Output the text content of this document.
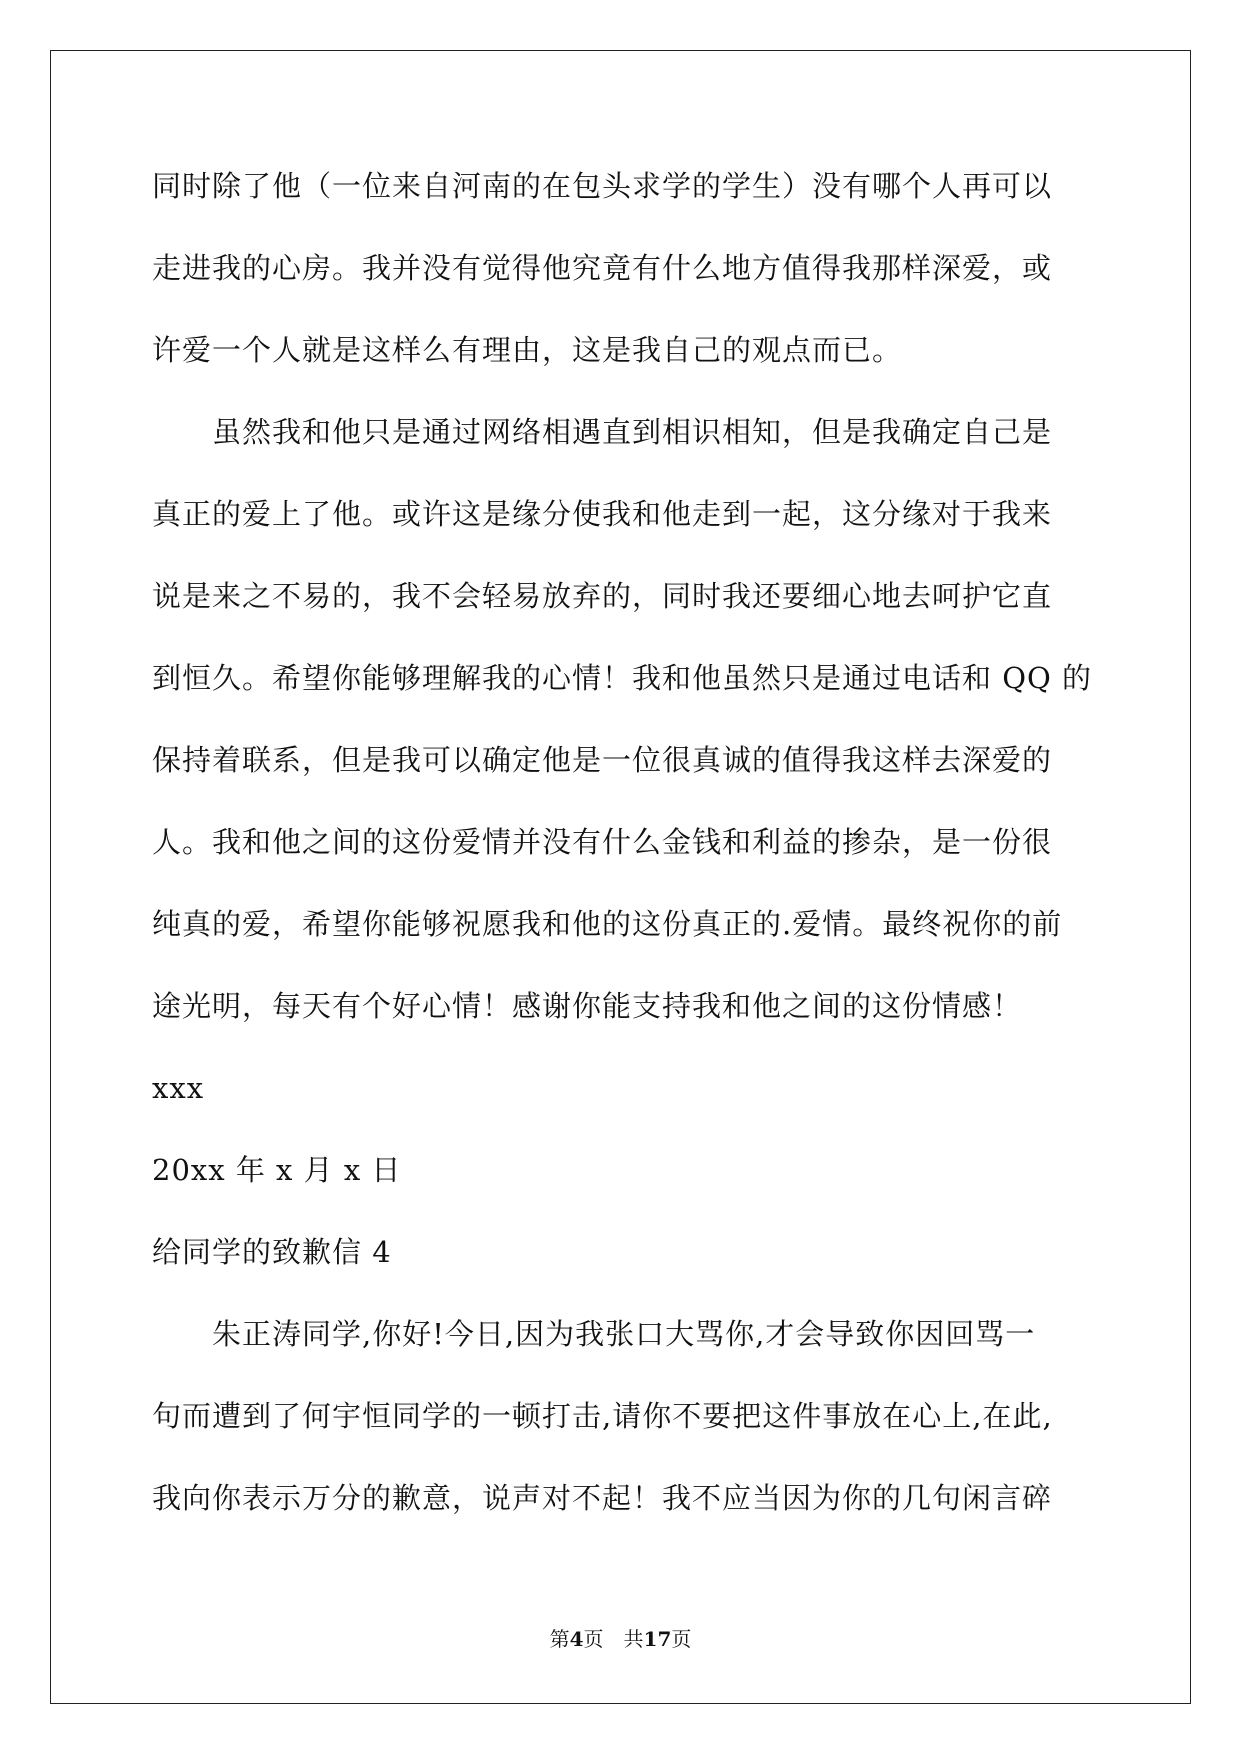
同时除了他（一位来自河南的在包头求学的学生）没有哪个人再可以
走进我的心房。我并没有觉得他究竟有什么地方值得我那样深爱，或
许爱一个人就是这样么有理由，这是我自己的观点而已。
虽然我和他只是通过网络相遇直到相识相知，但是我确定自己是
真正的爱上了他。或许这是缘分使我和他走到一起，这分缘对于我来
说是来之不易的，我不会轻易放弃的，同时我还要细心地去呵护它直
到恒久。希望你能够理解我的心情！我和他虽然只是通过电话和 QQ 的
保持着联系，但是我可以确定他是一位很真诚的值得我这样去深爱的
人。我和他之间的这份爱情并没有什么金钱和利益的掺杂，是一份很
纯真的爱，希望你能够祝愿我和他的这份真正的.爱情。最终祝你的前
途光明，每天有个好心情！感谢你能支持我和他之间的这份情感！
xxx
20xx 年 x 月 x 日
给同学的致歉信 4
朱正涛同学,你好!今日,因为我张口大骂你,才会导致你因回骂一
句而遭到了何宇恒同学的一顿打击,请你不要把这件事放在心上,在此,
我向你表示万分的歉意，说声对不起！我不应当因为你的几句闲言碎
第4页　共17页
